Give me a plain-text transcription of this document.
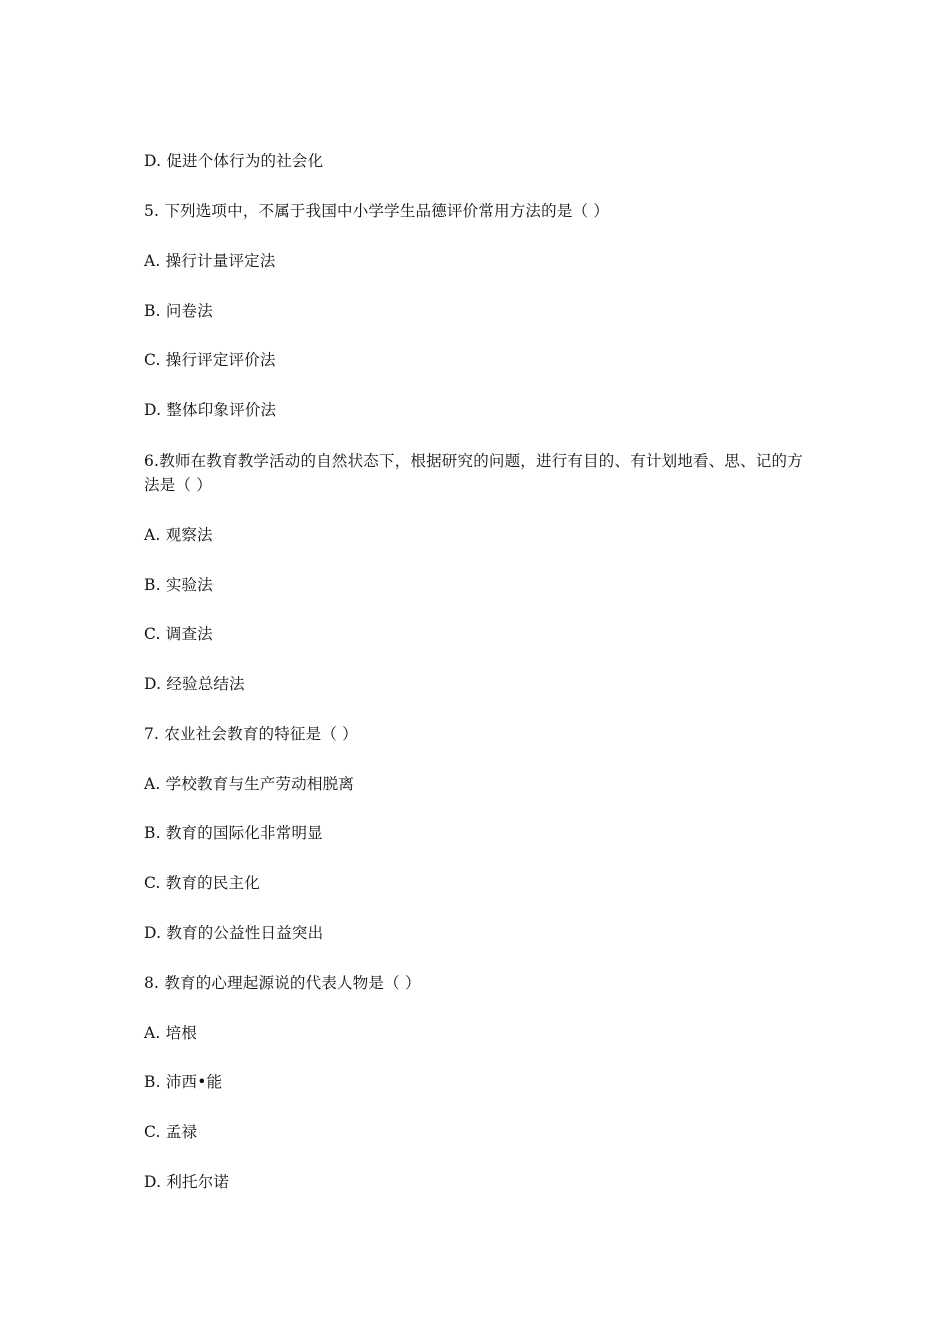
D. 促进个体行为的社会化
5. 下列选项中，不属于我国中小学学生品德评价常用方法的是（ ）
A. 操行计量评定法
B. 问卷法
C. 操行评定评价法
D. 整体印象评价法
6.教师在教育教学活动的自然状态下，根据研究的问题，进行有目的、有计划地看、思、记的方法是（ ）
A. 观察法
B. 实验法
C. 调查法
D. 经验总结法
7. 农业社会教育的特征是（ ）
A. 学校教育与生产劳动相脱离
B. 教育的国际化非常明显
C. 教育的民主化
D. 教育的公益性日益突出
8. 教育的心理起源说的代表人物是（ ）
A. 培根
B. 沛西•能
C. 孟禄
D. 利托尔诺
